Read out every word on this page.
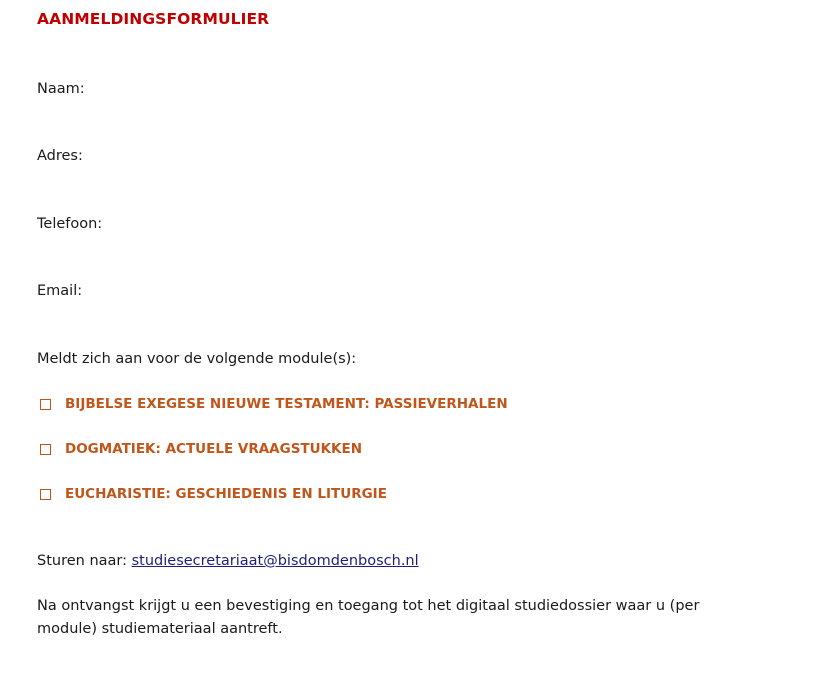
AANMELDINGSFORMULIER
Naam:
Adres:
Telefoon:
Email:
Meldt zich aan voor de volgende module(s):
BIJBELSE EXEGESE NIEUWE TESTAMENT: PASSIEVERHALEN
DOGMATIEK: ACTUELE VRAAGSTUKKEN
EUCHARISTIE: GESCHIEDENIS EN LITURGIE
Sturen naar: studiesecretariaat@bisdomdenbosch.nl

Na ontvangst krijgt u een bevestiging en toegang tot het digitaal studiedossier waar u (per module) studiemateriaal aantreft.
